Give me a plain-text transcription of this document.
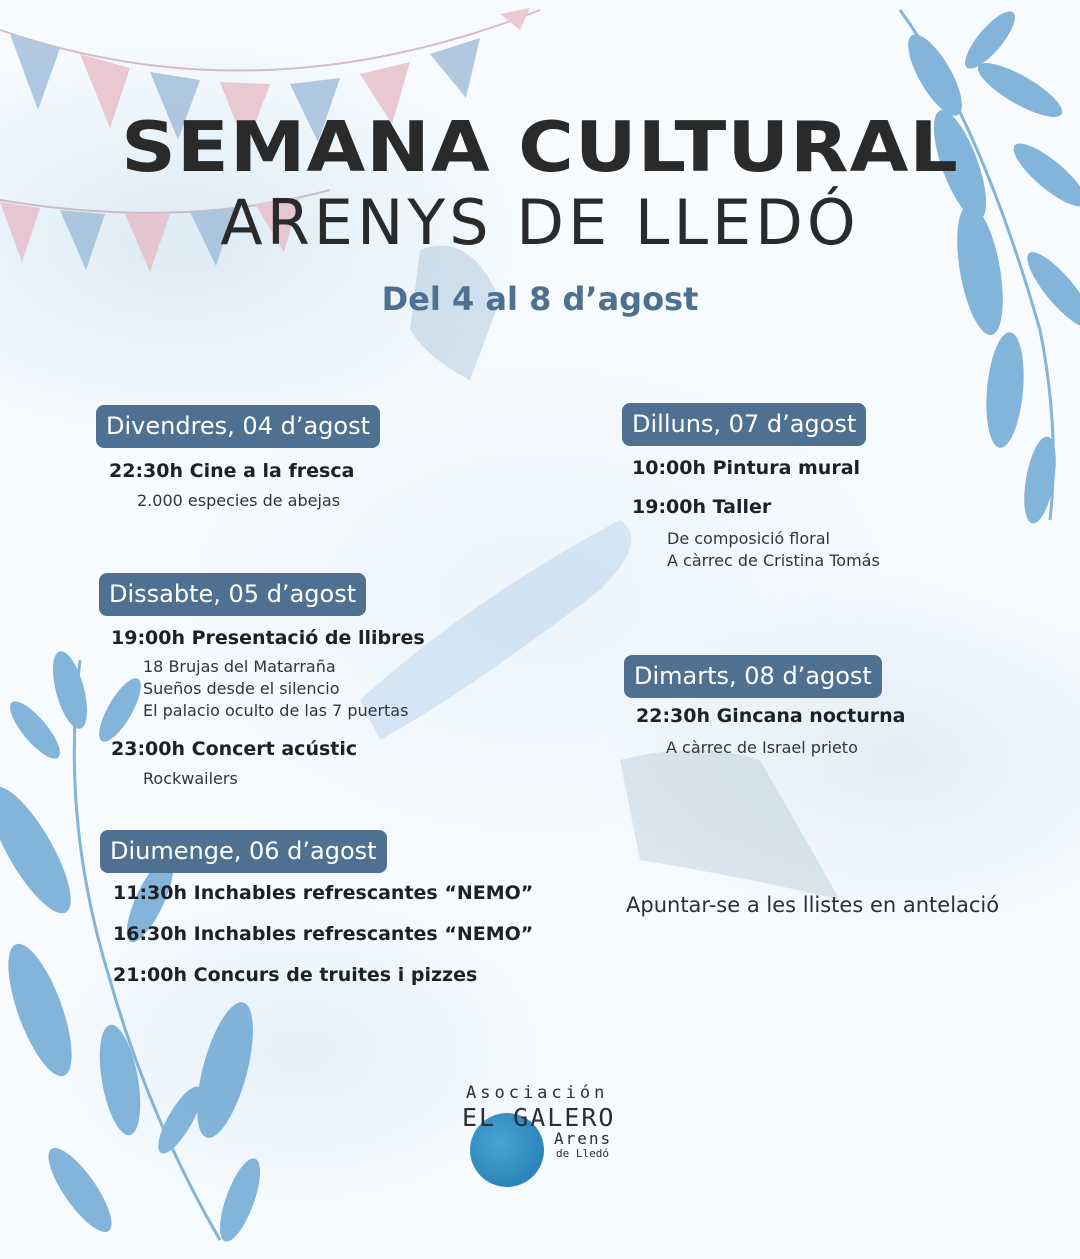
SEMANA CULTURAL
ARENYS DE LLEDÓ
Del 4 al 8 d’agost
Divendres, 04 d’agost
22:30h Cine a la fresca
2.000 especies de abejas
Dissabte, 05 d’agost
19:00h Presentació de llibres
18 Brujas del Matarraña
Sueños desde el silencio
El palacio oculto de las 7 puertas
23:00h Concert acústic
Rockwailers
Diumenge, 06 d’agost
11:30h Inchables refrescantes “NEMO”
16:30h Inchables refrescantes “NEMO”
21:00h Concurs de truites i pizzes
Dilluns, 07 d’agost
10:00h Pintura mural
19:00h Taller
De composició floral
A càrrec de Cristina Tomás
Dimarts, 08 d’agost
22:30h Gincana nocturna
A càrrec de Israel prieto
Apuntar-se a les llistes en antelació
Asociación
EL GALERO
Arens
de Lledó
